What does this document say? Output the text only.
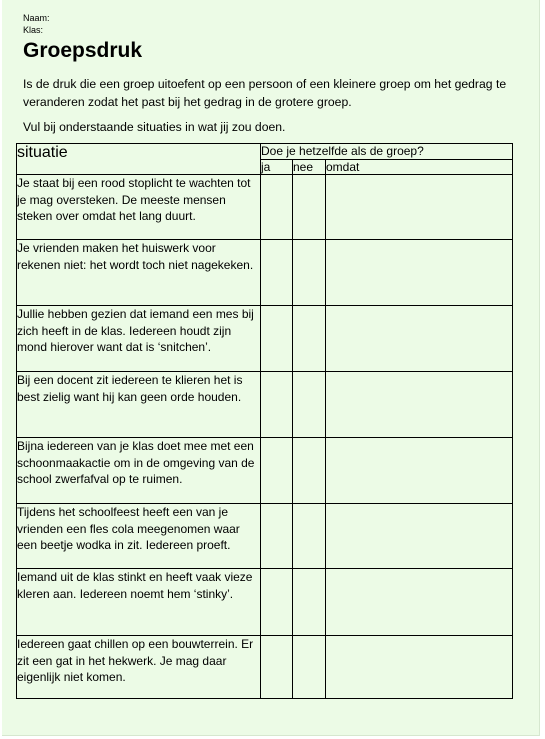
Naam:
Klas:
Groepsdruk
Is de druk die een groep uitoefent op een persoon of een kleinere groep om het gedrag te veranderen zodat het past bij het gedrag in de grotere groep.
Vul bij onderstaande situaties in wat jij zou doen.
situatie	Doe je hetzelfde als de groep?		
	ja	nee	omdat
Je staat bij een rood stoplicht te wachten tot je mag oversteken. De meeste mensen steken over omdat het lang duurt.			
Je vrienden maken het huiswerk voor rekenen niet: het wordt toch niet nagekeken.			
Jullie hebben gezien dat iemand een mes bij zich heeft in de klas. Iedereen houdt zijn mond hierover want dat is ‘snitchen’.			
Bij een docent zit iedereen te klieren het is best zielig want hij kan geen orde houden.			
Bijna iedereen van je klas doet mee met een schoonmaakactie om in de omgeving van de school zwerfafval op te ruimen.			
Tijdens het schoolfeest heeft een van je vrienden een fles cola meegenomen waar een beetje wodka in zit. Iedereen proeft.			
Iemand uit de klas stinkt en heeft vaak vieze kleren aan. Iedereen noemt hem ‘stinky’.			
Iedereen gaat chillen op een bouwterrein. Er zit een gat in het hekwerk. Je mag daar eigenlijk niet komen.			
